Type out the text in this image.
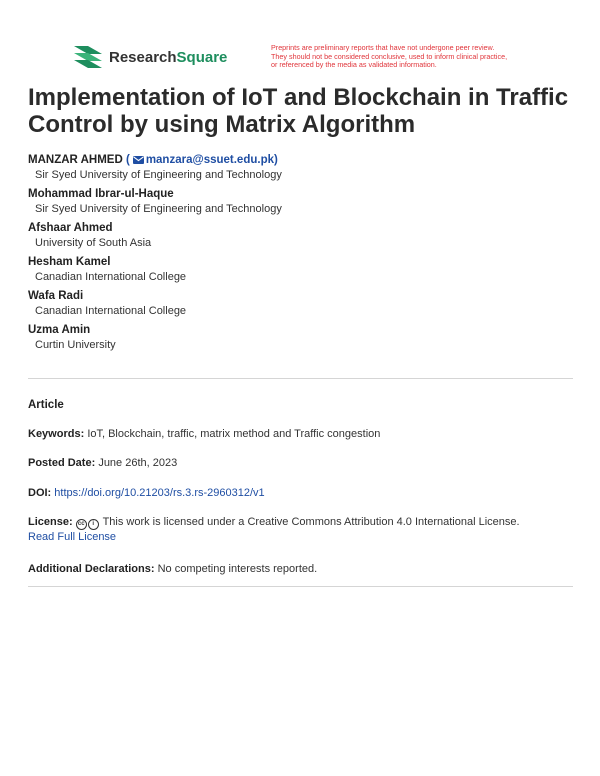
ResearchSquare
Preprints are preliminary reports that have not undergone peer review.
They should not be considered conclusive, used to inform clinical practice,
or referenced by the media as validated information.
Implementation of IoT and Blockchain in Traffic Control by using Matrix Algorithm
MANZAR AHMED ( manzara@ssuet.edu.pk)
Sir Syed University of Engineering and Technology
Mohammad Ibrar-ul-Haque
Sir Syed University of Engineering and Technology
Afshaar Ahmed
University of South Asia
Hesham Kamel
Canadian International College
Wafa Radi
Canadian International College
Uzma Amin
Curtin University
Article
Keywords: IoT, Blockchain, traffic, matrix method and Traffic congestion
Posted Date: June 26th, 2023
DOI: https://doi.org/10.21203/rs.3.rs-2960312/v1
License: cc i This work is licensed under a Creative Commons Attribution 4.0 International License.
Read Full License
Additional Declarations: No competing interests reported.
